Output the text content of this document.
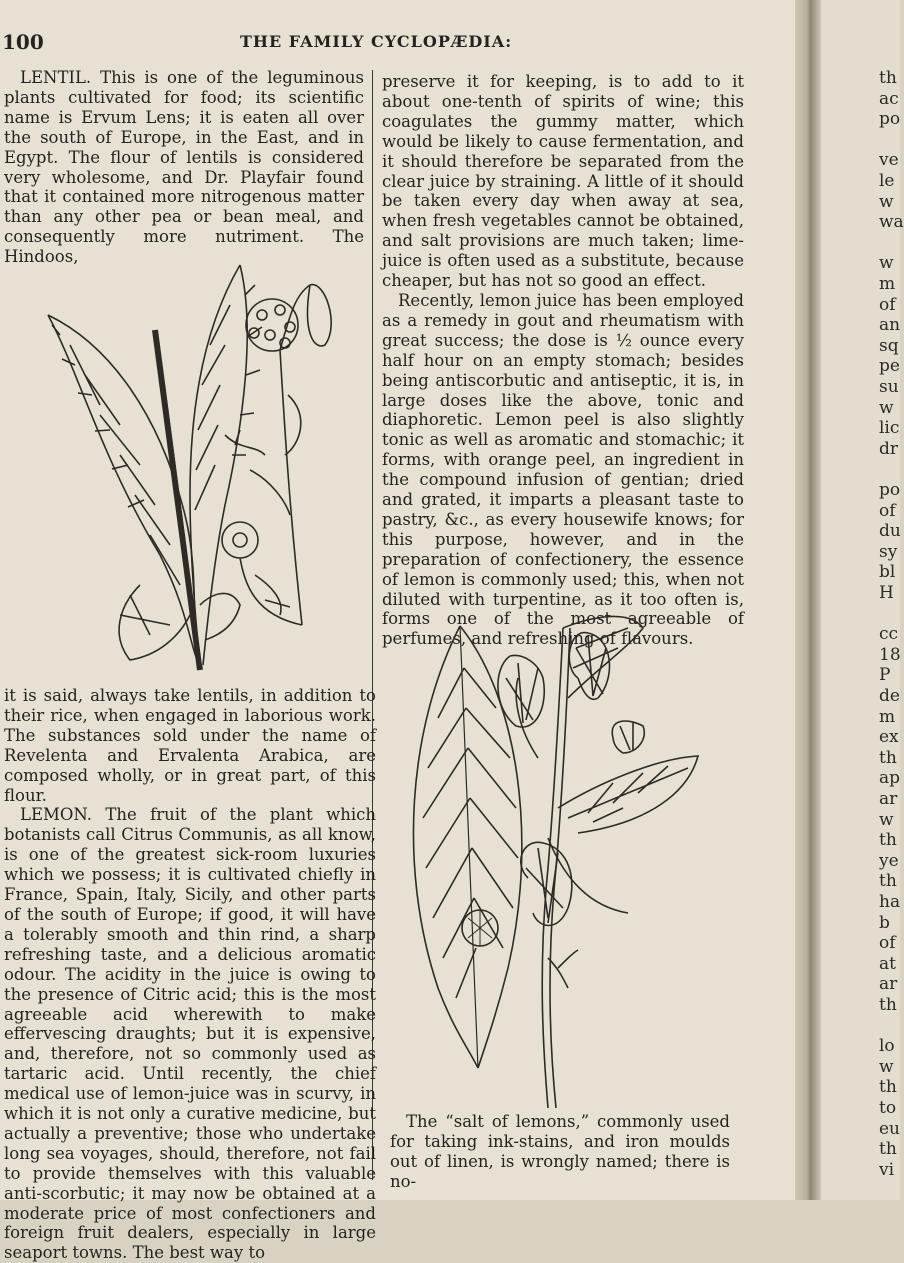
100	THE FAMILY CYCLOPÆDIA:

LENTIL. This is one of the leguminous plants cultivated for food; its scientific name is Ervum Lens; it is eaten all over the south of Europe, in the East, and in Egypt. The flour of lentils is considered very wholesome, and Dr. Playfair found that it contained more nitrogenous matter than any other pea or bean meal, and consequently more nutriment. The Hindoos,

it is said, always take lentils, in addition to their rice, when engaged in laborious work. The substances sold under the name of Revelenta and Ervalenta Arabica, are composed wholly, or in great part, of this flour.

LEMON. The fruit of the plant which botanists call Citrus Communis, as all know, is one of the greatest sick-room luxuries which we possess; it is cultivated chiefly in France, Spain, Italy, Sicily, and other parts of the south of Europe; if good, it will have a tolerably smooth and thin rind, a sharp refreshing taste, and a delicious aromatic odour. The acidity in the juice is owing to the presence of Citric acid; this is the most agreeable acid wherewith to make effervescing draughts; but it is expensive, and, therefore, not so commonly used as tartaric acid. Until recently, the chief medical use of lemon-juice was in scurvy, in which it is not only a curative medicine, but actually a preventive; those who undertake long sea voyages, should, therefore, not fail to provide themselves with this valuable anti-scorbutic; it may now be obtained at a moderate price of most confectioners and foreign fruit dealers, especially in large seaport towns. The best way to

preserve it for keeping, is to add to it about one-tenth of spirits of wine; this coagulates the gummy matter, which would be likely to cause fermentation, and it should therefore be separated from the clear juice by straining. A little of it should be taken every day when away at sea, when fresh vegetables cannot be obtained, and salt provisions are much taken; lime-juice is often used as a substitute, because cheaper, but has not so good an effect.

Recently, lemon juice has been employed as a remedy in gout and rheumatism with great success; the dose is ½ ounce every half hour on an empty stomach; besides being antiscorbutic and antiseptic, it is, in large doses like the above, tonic and diaphoretic. Lemon peel is also slightly tonic as well as aromatic and stomachic; it forms, with orange peel, an ingredient in the compound infusion of gentian; dried and grated, it imparts a pleasant taste to pastry, &c., as every housewife knows; for this purpose, however, and in the preparation of confectionery, the essence of lemon is commonly used; this, when not diluted with turpentine, as it too often is, forms one of the most agreeable of perfumes, and refreshing of flavours.

The “salt of lemons,” commonly used for taking ink-stains, and iron moulds out of linen, is wrongly named; there is no-

th
ac
po
ve
le
w
wa
w
m
of
an
sq
pe
su
w
lic
dr
po
of
du
sy
bl
H
cc
18
P
de
m
ex
th
ap
ar
w
th
ye
th
ha
b
of
at
ar
th
lo
w
th
to
eu
th
vi
